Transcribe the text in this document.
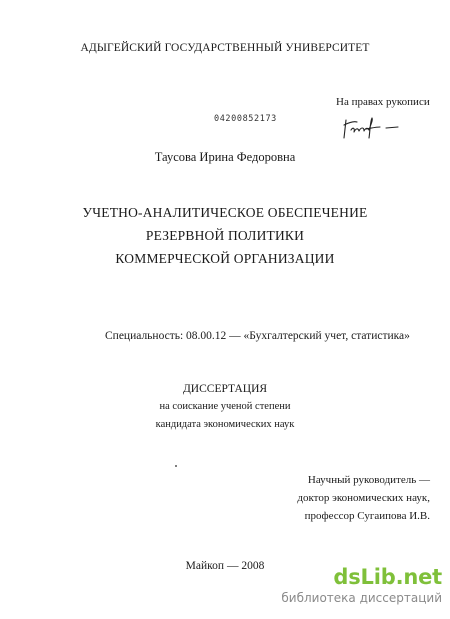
АДЫГЕЙСКИЙ ГОСУДАРСТВЕННЫЙ УНИВЕРСИТЕТ
На правах рукописи
04200852173
Таусова Ирина Федоровна
УЧЕТНО-АНАЛИТИЧЕСКОЕ ОБЕСПЕЧЕНИЕ
РЕЗЕРВНОЙ ПОЛИТИКИ
КОММЕРЧЕСКОЙ ОРГАНИЗАЦИИ
Специальность: 08.00.12 — «Бухгалтерский учет, статистика»
ДИССЕРТАЦИЯ
на соискание ученой степени
кандидата экономических наук
Научный руководитель —
доктор экономических наук,
профессор Сугаипова И.В.
Майкоп — 2008	dsLib.net
библиотека диссертаций
